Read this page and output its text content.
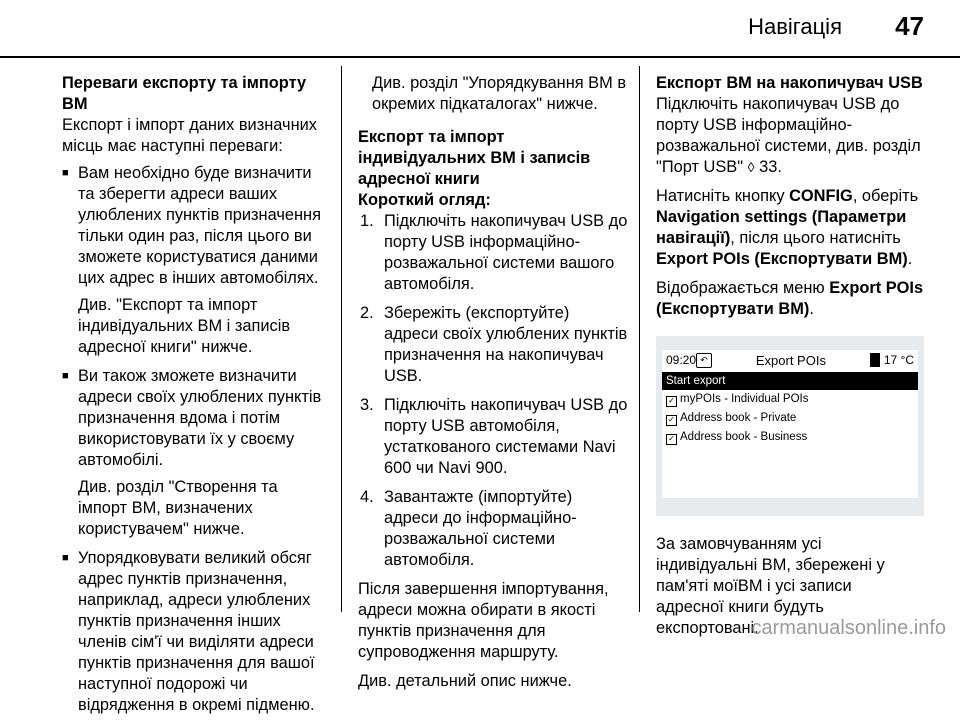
Навігація 47

Переваги експорту та імпорту ВМ

Експорт і імпорт даних визначних місць має наступні переваги:

■ Вам необхідно буде визначити та зберегти адреси ваших улюблених пунктів призначення тільки один раз, після цього ви зможете користуватися даними цих адрес в інших автомобілях.

Див. "Експорт та імпорт індивідуальних ВМ і записів адресної книги" нижче.

■ Ви також зможете визначити адреси своїх улюблених пунктів призначення вдома і потім використовувати їх у своєму автомобілі.

Див. розділ "Створення та імпорт ВМ, визначених користувачем" нижче.

■ Упорядковувати великий обсяг адрес пунктів призначення, наприклад, адреси улюблених пунктів призначення інших членів сім'ї чи виділяти адреси пунктів призначення для вашої наступної подорожі чи відрядження в окремі підменю.

Див. розділ "Упорядкування ВМ в окремих підкаталогах" нижче.

Експорт та імпорт індивідуальних ВМ і записів адресної книги

Короткий огляд:

1. Підключіть накопичувач USB до порту USB інформаційно-розважальної системи вашого автомобіля.
2. Збережіть (експортуйте) адреси своїх улюблених пунктів призначення на накопичувач USB.
3. Підключіть накопичувач USB до порту USB автомобіля, устаткованого системами Navi 600 чи Navi 900.
4. Завантажте (імпортуйте) адреси до інформаційно-розважальної системи автомобіля.

Після завершення імпортування, адреси можна обирати в якості пунктів призначення для супроводження маршруту.

Див. детальний опис нижче.

Експорт ВМ на накопичувач USB

Підключіть накопичувач USB до порту USB інформаційно-розважальної системи, див. розділ "Порт USB" ◊ 33.

Натисніть кнопку CONFIG, оберіть Navigation settings (Параметри навігації), після цього натисніть Export POIs (Експортувати ВМ).

Відображається меню Export POIs (Експортувати ВМ).

09:20 ↶	Export POIs	17 °C
Start export
✓ myPOIs - Individual POIs
✓ Address book - Private
✓ Address book - Business

За замовчуванням усі індивідуальні ВМ, збережені у пам'яті моїВМ і усі записи адресної книги будуть експортовані.

carmanualsonline.info
